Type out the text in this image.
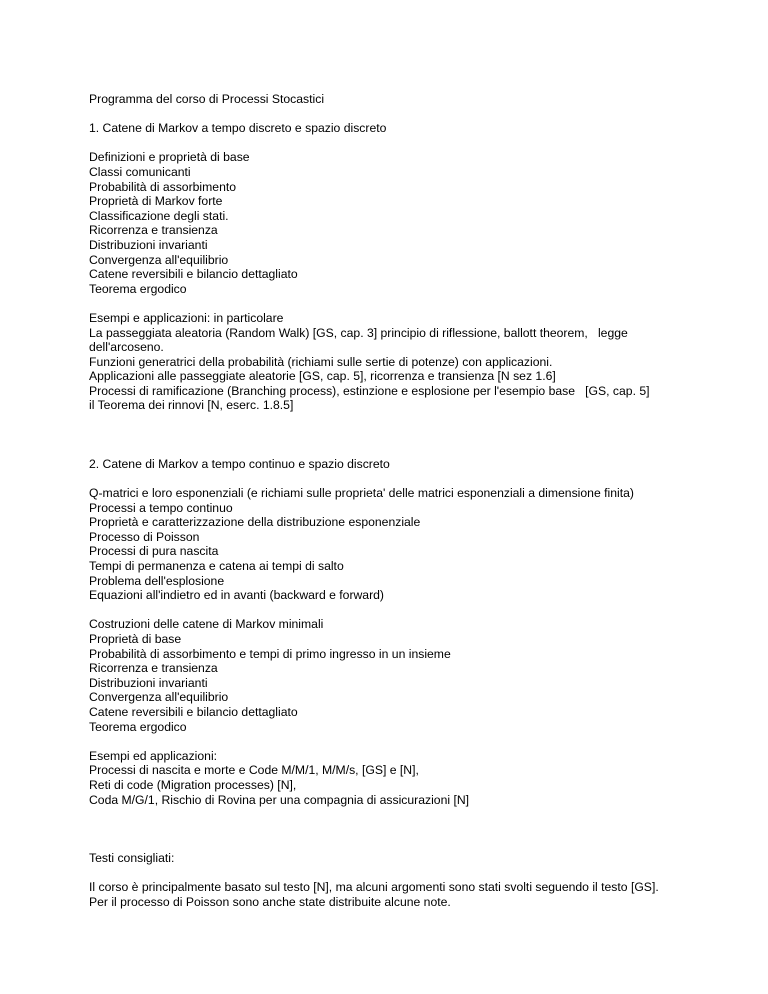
Programma del corso di Processi Stocastici

1. Catene di Markov a tempo discreto e spazio discreto

Definizioni e proprietà di base

Classi comunicanti

Probabilità di assorbimento

Proprietà di Markov forte

Classificazione degli stati.

Ricorrenza e transienza

Distribuzioni invarianti

Convergenza all'equilibrio

Catene reversibili e bilancio dettagliato

Teorema ergodico

Esempi e applicazioni: in particolare

La passeggiata aleatoria (Random Walk) [GS, cap. 3] principio di riflessione, ballott theorem,   legge

dell'arcoseno.

Funzioni generatrici della probabilità (richiami sulle sertie di potenze) con applicazioni.

Applicazioni alle passeggiate aleatorie [GS, cap. 5], ricorrenza e transienza [N sez 1.6]

Processi di ramificazione (Branching process), estinzione e esplosione per l'esempio base   [GS, cap. 5]

il Teorema dei rinnovi [N, eserc. 1.8.5]

2. Catene di Markov a tempo continuo e spazio discreto

Q-matrici e loro esponenziali (e richiami sulle proprieta' delle matrici esponenziali a dimensione finita)

Processi a tempo continuo

Proprietà e caratterizzazione della distribuzione esponenziale

Processo di Poisson

Processi di pura nascita

Tempi di permanenza e catena ai tempi di salto

Problema dell'esplosione

Equazioni all'indietro ed in avanti (backward e forward)

Costruzioni delle catene di Markov minimali

Proprietà di base

Probabilità di assorbimento e tempi di primo ingresso in un insieme

Ricorrenza e transienza

Distribuzioni invarianti

Convergenza all'equilibrio

Catene reversibili e bilancio dettagliato

Teorema ergodico

Esempi ed applicazioni:

Processi di nascita e morte e Code M/M/1, M/M/s, [GS] e [N],

Reti di code (Migration processes) [N],

Coda M/G/1, Rischio di Rovina per una compagnia di assicurazioni [N]

Testi consigliati:

Il corso è principalmente basato sul testo [N], ma alcuni argomenti sono stati svolti seguendo il testo [GS].

Per il processo di Poisson sono anche state distribuite alcune note.
